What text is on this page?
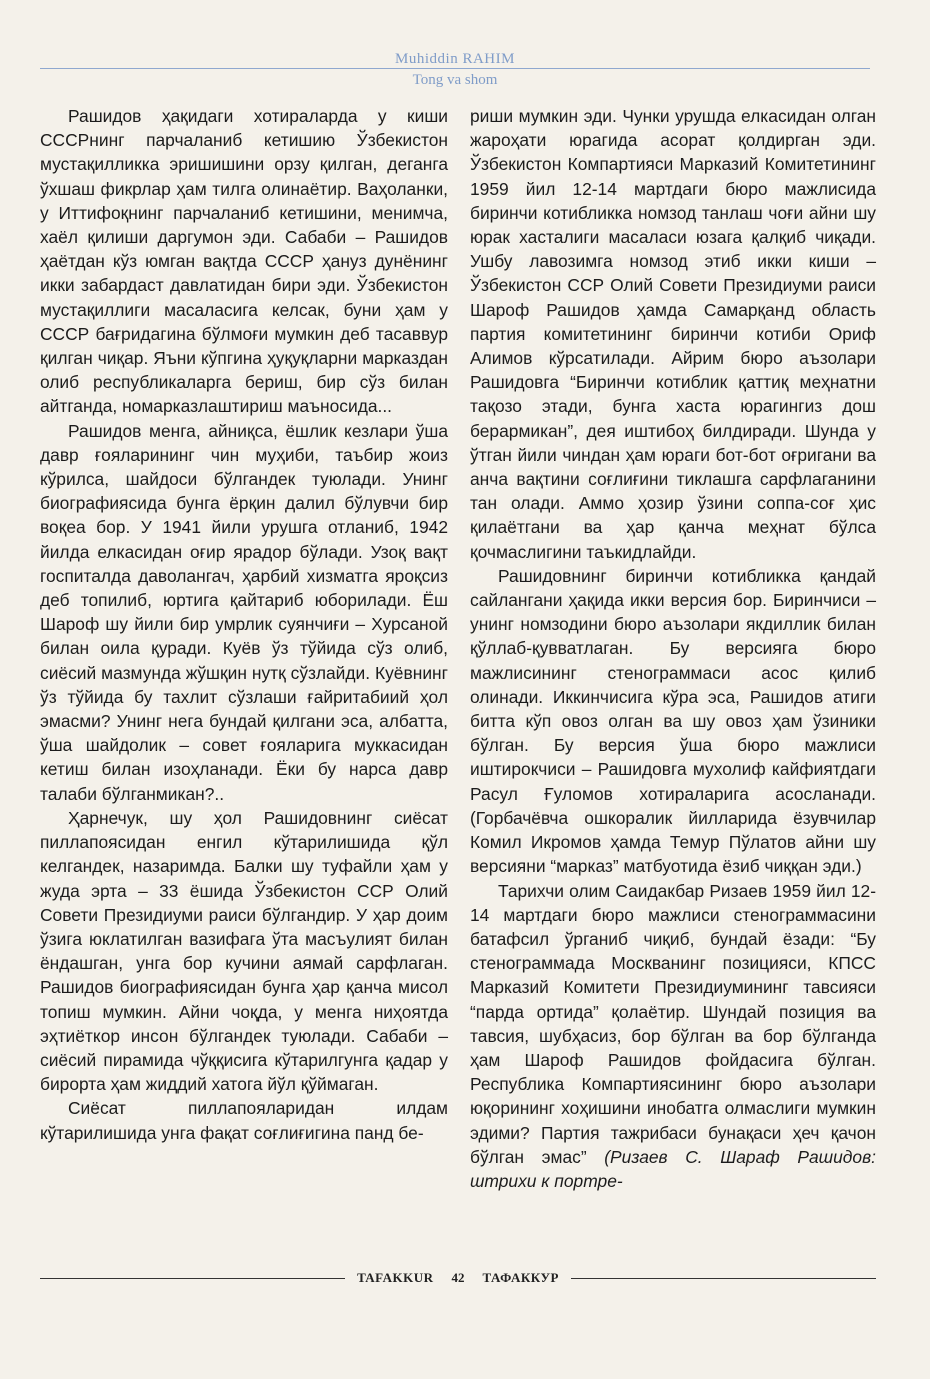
Muhiddin RAHIM
Tong va shom

Рашидов ҳақидаги хотираларда у киши СССРнинг парчаланиб кетишию Ўзбекистон мустақилликка эришишини орзу қилган, деганга ўхшаш фикрлар ҳам тилга олинаётир. Ваҳоланки, у Иттифоқнинг парчаланиб кетишини, менимча, хаёл қилиши даргумон эди. Сабаби – Рашидов ҳаётдан кўз юмган вақтда СССР ҳануз дунёнинг икки забардаст давлатидан бири эди. Ўзбекистон мустақиллиги масаласига келсак, буни ҳам у СССР бағридагина бўлмоғи мумкин деб тасаввур қилган чиқар. Яъни кўпгина ҳуқуқларни марказдан олиб республикаларга бериш, бир сўз билан айтганда, номарказлаштириш маъносида...

Рашидов менга, айниқса, ёшлик кезлари ўша давр ғояларининг чин муҳиби, таъбир жоиз кўрилса, шайдоси бўлгандек туюлади. Унинг биографиясида бунга ёрқин далил бўлувчи бир воқеа бор. У 1941 йили урушга отланиб, 1942 йилда елкасидан оғир ярадор бўлади. Узоқ вақт госпиталда даволангач, ҳарбий хизматга яроқсиз деб топилиб, юртига қайтариб юборилади. Ёш Шароф шу йили бир умрлик суянчиғи – Хурсаной билан оила қуради. Куёв ўз тўйида сўз олиб, сиёсий мазмунда жўшқин нутқ сўзлайди. Куёвнинг ўз тўйида бу тахлит сўзлаши ғайритабиий ҳол эмасми? Унинг нега бундай қилгани эса, албатта, ўша шайдолик – совет ғояларига муккасидан кетиш билан изоҳланади. Ёки бу нарса давр талаби бўлганмикан?..

Ҳарнечук, шу ҳол Рашидовнинг сиёсат пиллапоясидан енгил кўтарилишида қўл келгандек, назаримда. Балки шу туфайли ҳам у жуда эрта – 33 ёшида Ўзбекистон ССР Олий Совети Президиуми раиси бўлгандир. У ҳар доим ўзига юклатилган вазифага ўта масъулият билан ёндашган, унга бор кучини аямай сарфлаган. Рашидов биографиясидан бунга ҳар қанча мисол топиш мумкин. Айни чоқда, у менга ниҳоятда эҳтиёткор инсон бўлгандек туюлади. Сабаби – сиёсий пирамида чўққисига кўтарилгунга қадар у бирорта ҳам жиддий хатога йўл қўймаган.

Сиёсат пиллапояларидан илдам кўтарилишида унга фақат соғлиғигина панд бе-

риши мумкин эди. Чунки урушда елкасидан олган жароҳати юрагида асорат қолдирган эди. Ўзбекистон Компартияси Марказий Комитетининг 1959 йил 12-14 мартдаги бюро мажлисида биринчи котибликка номзод танлаш чоғи айни шу юрак хасталиги масаласи юзага қалқиб чиқади. Ушбу лавозимга номзод этиб икки киши – Ўзбекистон ССР Олий Совети Президиуми раиси Шароф Рашидов ҳамда Самарқанд область партия комитетининг биринчи котиби Ориф Алимов кўрсатилади. Айрим бюро аъзолари Рашидовга “Биринчи котиблик қаттиқ меҳнатни тақозо этади, бунга хаста юрагингиз дош берармикан”, дея иштибоҳ билдиради. Шунда у ўтган йили чиндан ҳам юраги бот-бот оғригани ва анча вақтини соғлиғини тиклашга сарфлаганини тан олади. Аммо ҳозир ўзини соппа-соғ ҳис қилаётгани ва ҳар қанча меҳнат бўлса қочмаслигини таъкидлайди.

Рашидовнинг биринчи котибликка қандай сайлангани ҳақида икки версия бор. Биринчиси – унинг номзодини бюро аъзолари якдиллик билан қўллаб-қувватлаган. Бу версияга бюро мажлисининг стенограммаси асос қилиб олинади. Иккинчисига кўра эса, Рашидов атиги битта кўп овоз олган ва шу овоз ҳам ўзиники бўлган. Бу версия ўша бюро мажлиси иштирокчиси – Рашидовга мухолиф кайфиятдаги Расул Ғуломов хотираларига асосланади. (Горбачёвча ошкоралик йилларида ёзувчилар Комил Икромов ҳамда Темур Пўлатов айни шу версияни “марказ” матбуотида ёзиб чиққан эди.)

Тарихчи олим Саидакбар Ризаев 1959 йил 12-14 мартдаги бюро мажлиси стенограммасини батафсил ўрганиб чиқиб, бундай ёзади: “Бу стенограммада Москванинг позицияси, КПСС Марказий Комитети Президиумининг тавсияси “парда ортида” қолаётир. Шундай позиция ва тавсия, шубҳасиз, бор бўлган ва бор бўлганда ҳам Шароф Рашидов фойдасига бўлган. Республика Компартиясининг бюро аъзолари юқорининг хоҳишини инобатга олмаслиги мумкин эдими? Партия тажрибаси бунақаси ҳеч қачон бўлган эмас” (Ризаев С. Шараф Рашидов: штрихи к портре-

TAFAKKUR 42 ТАФАККУР
